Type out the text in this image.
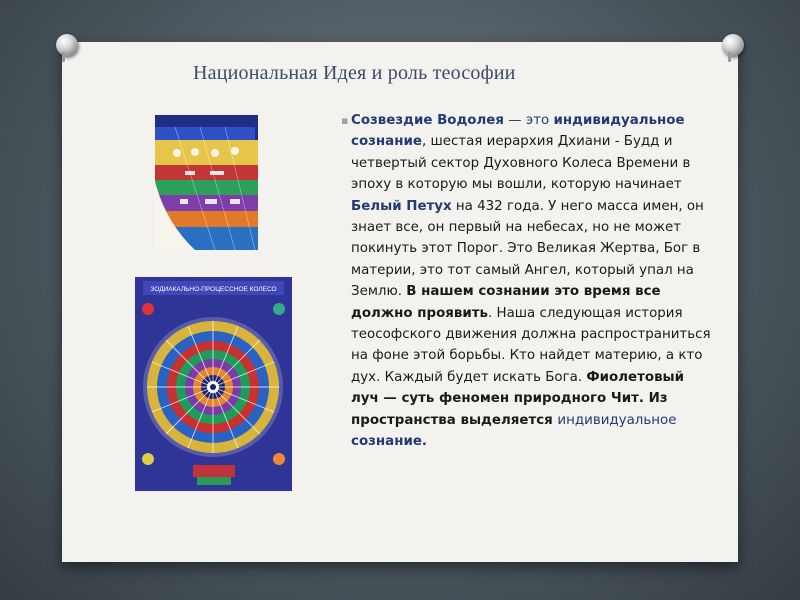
Национальная Идея и роль теософии
ЗОДИАКАЛЬНО-ПРОЦЕССНОЕ КОЛЕСО
▪ Созвездие Водолея — это индивидуальное сознание, шестая иерархия Дхиани - Будд и четвертый сектор Духовного Колеса Времени в эпоху в которую мы вошли, которую начинает Белый Петух на 432 года. У него масса имен, он знает все, он первый на небесах, но не может покинуть этот Порог. Это Великая Жертва, Бог в материи, это тот самый Ангел, который упал на Землю. В нашем сознании это время все должно проявить. Наша следующая история теософского движения должна распространиться на фоне этой борьбы. Кто найдет материю, а кто дух. Каждый будет искать Бога. Фиолетовый луч — суть феномен природного Чит. Из пространства выделяется индивидуальное сознание.
